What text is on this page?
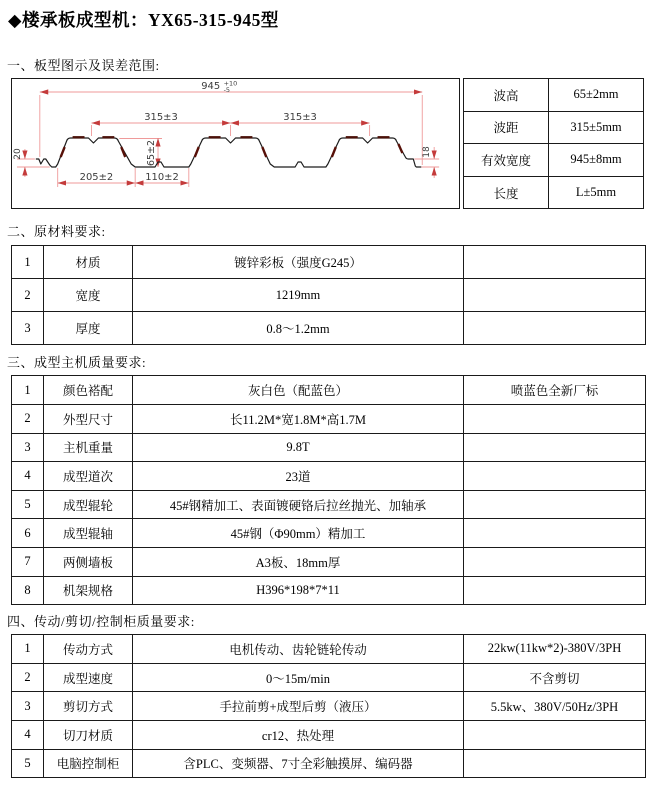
◆楼承板成型机：YX65-315-945型
一、板型图示及误差范围:
945 +10
-5
315±3	315±3
65±2
205±2	110±2
20	18
波高	65±2mm
波距	315±5mm
有效宽度	945±8mm
长度	L±5mm
二、原材料要求:
1	材质	镀锌彩板（强度G245）	
2	宽度	1219mm	
3	厚度	0.8～1.2mm	
三、成型主机质量要求:
1	颜色褡配	灰白色（配蓝色）	喷蓝色全新厂标
2	外型尺寸	长11.2M*宽1.8M*高1.7M	
3	主机重量	9.8T	
4	成型道次	23道	
5	成型辊轮	45#钢精加工、表面镀硬铬后拉丝抛光、加轴承	
6	成型辊轴	45#钢（Φ90mm）精加工	
7	两侧墙板	A3板、18mm厚	
8	机架规格	H396*198*7*11	
四、传动/剪切/控制柜质量要求:
1	传动方式	电机传动、齿轮链轮传动	22kw(11kw*2)-380V/3PH
2	成型速度	0～15m/min	不含剪切
3	剪切方式	手拉前剪+成型后剪（液压）	5.5kw、380V/50Hz/3PH
4	切刀材质	cr12、热处理	
5	电脑控制柜	含PLC、变频器、7寸全彩触摸屏、编码器	
